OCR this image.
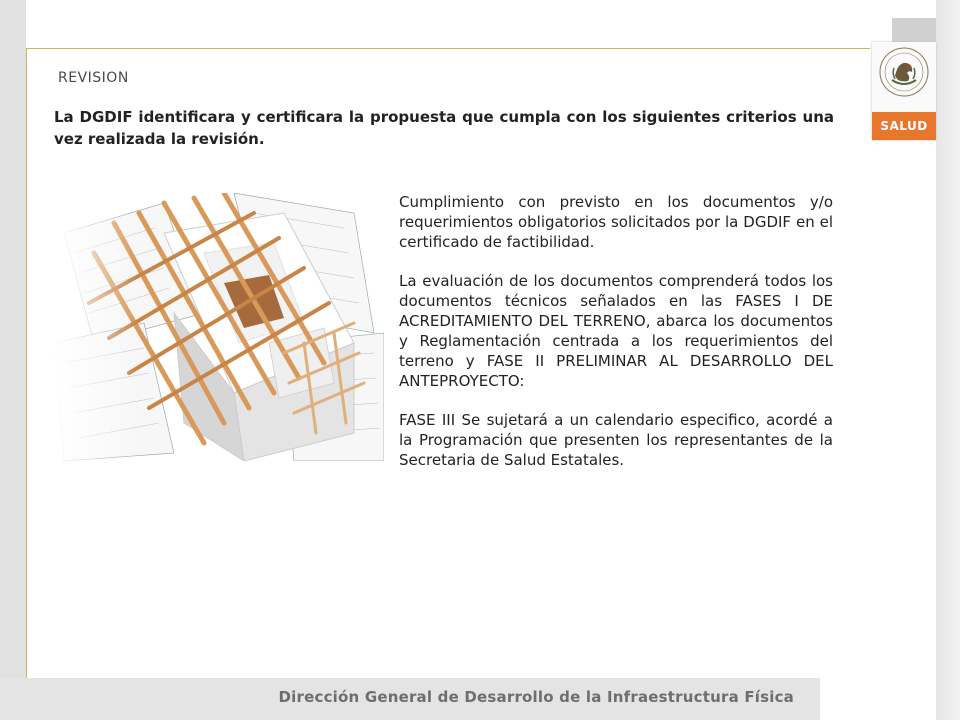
SALUD
REVISION

La DGDIF identificara y certificara la propuesta que cumpla con los siguientes criterios una vez realizada la revisión.

Cumplimiento con previsto en los documentos y/o requerimientos obligatorios solicitados por la DGDIF en el certificado de factibilidad.

La evaluación de los documentos comprenderá todos los documentos técnicos señalados en las FASES I DE ACREDITAMIENTO DEL TERRENO, abarca los documentos y Reglamentación centrada a los requerimientos del terreno y FASE II PRELIMINAR AL DESARROLLO DEL ANTEPROYECTO:

FASE III Se sujetará a un calendario especifico, acordé a la Programación que presenten los representantes de la Secretaria de Salud Estatales.

Dirección General de Desarrollo de la Infraestructura Física
